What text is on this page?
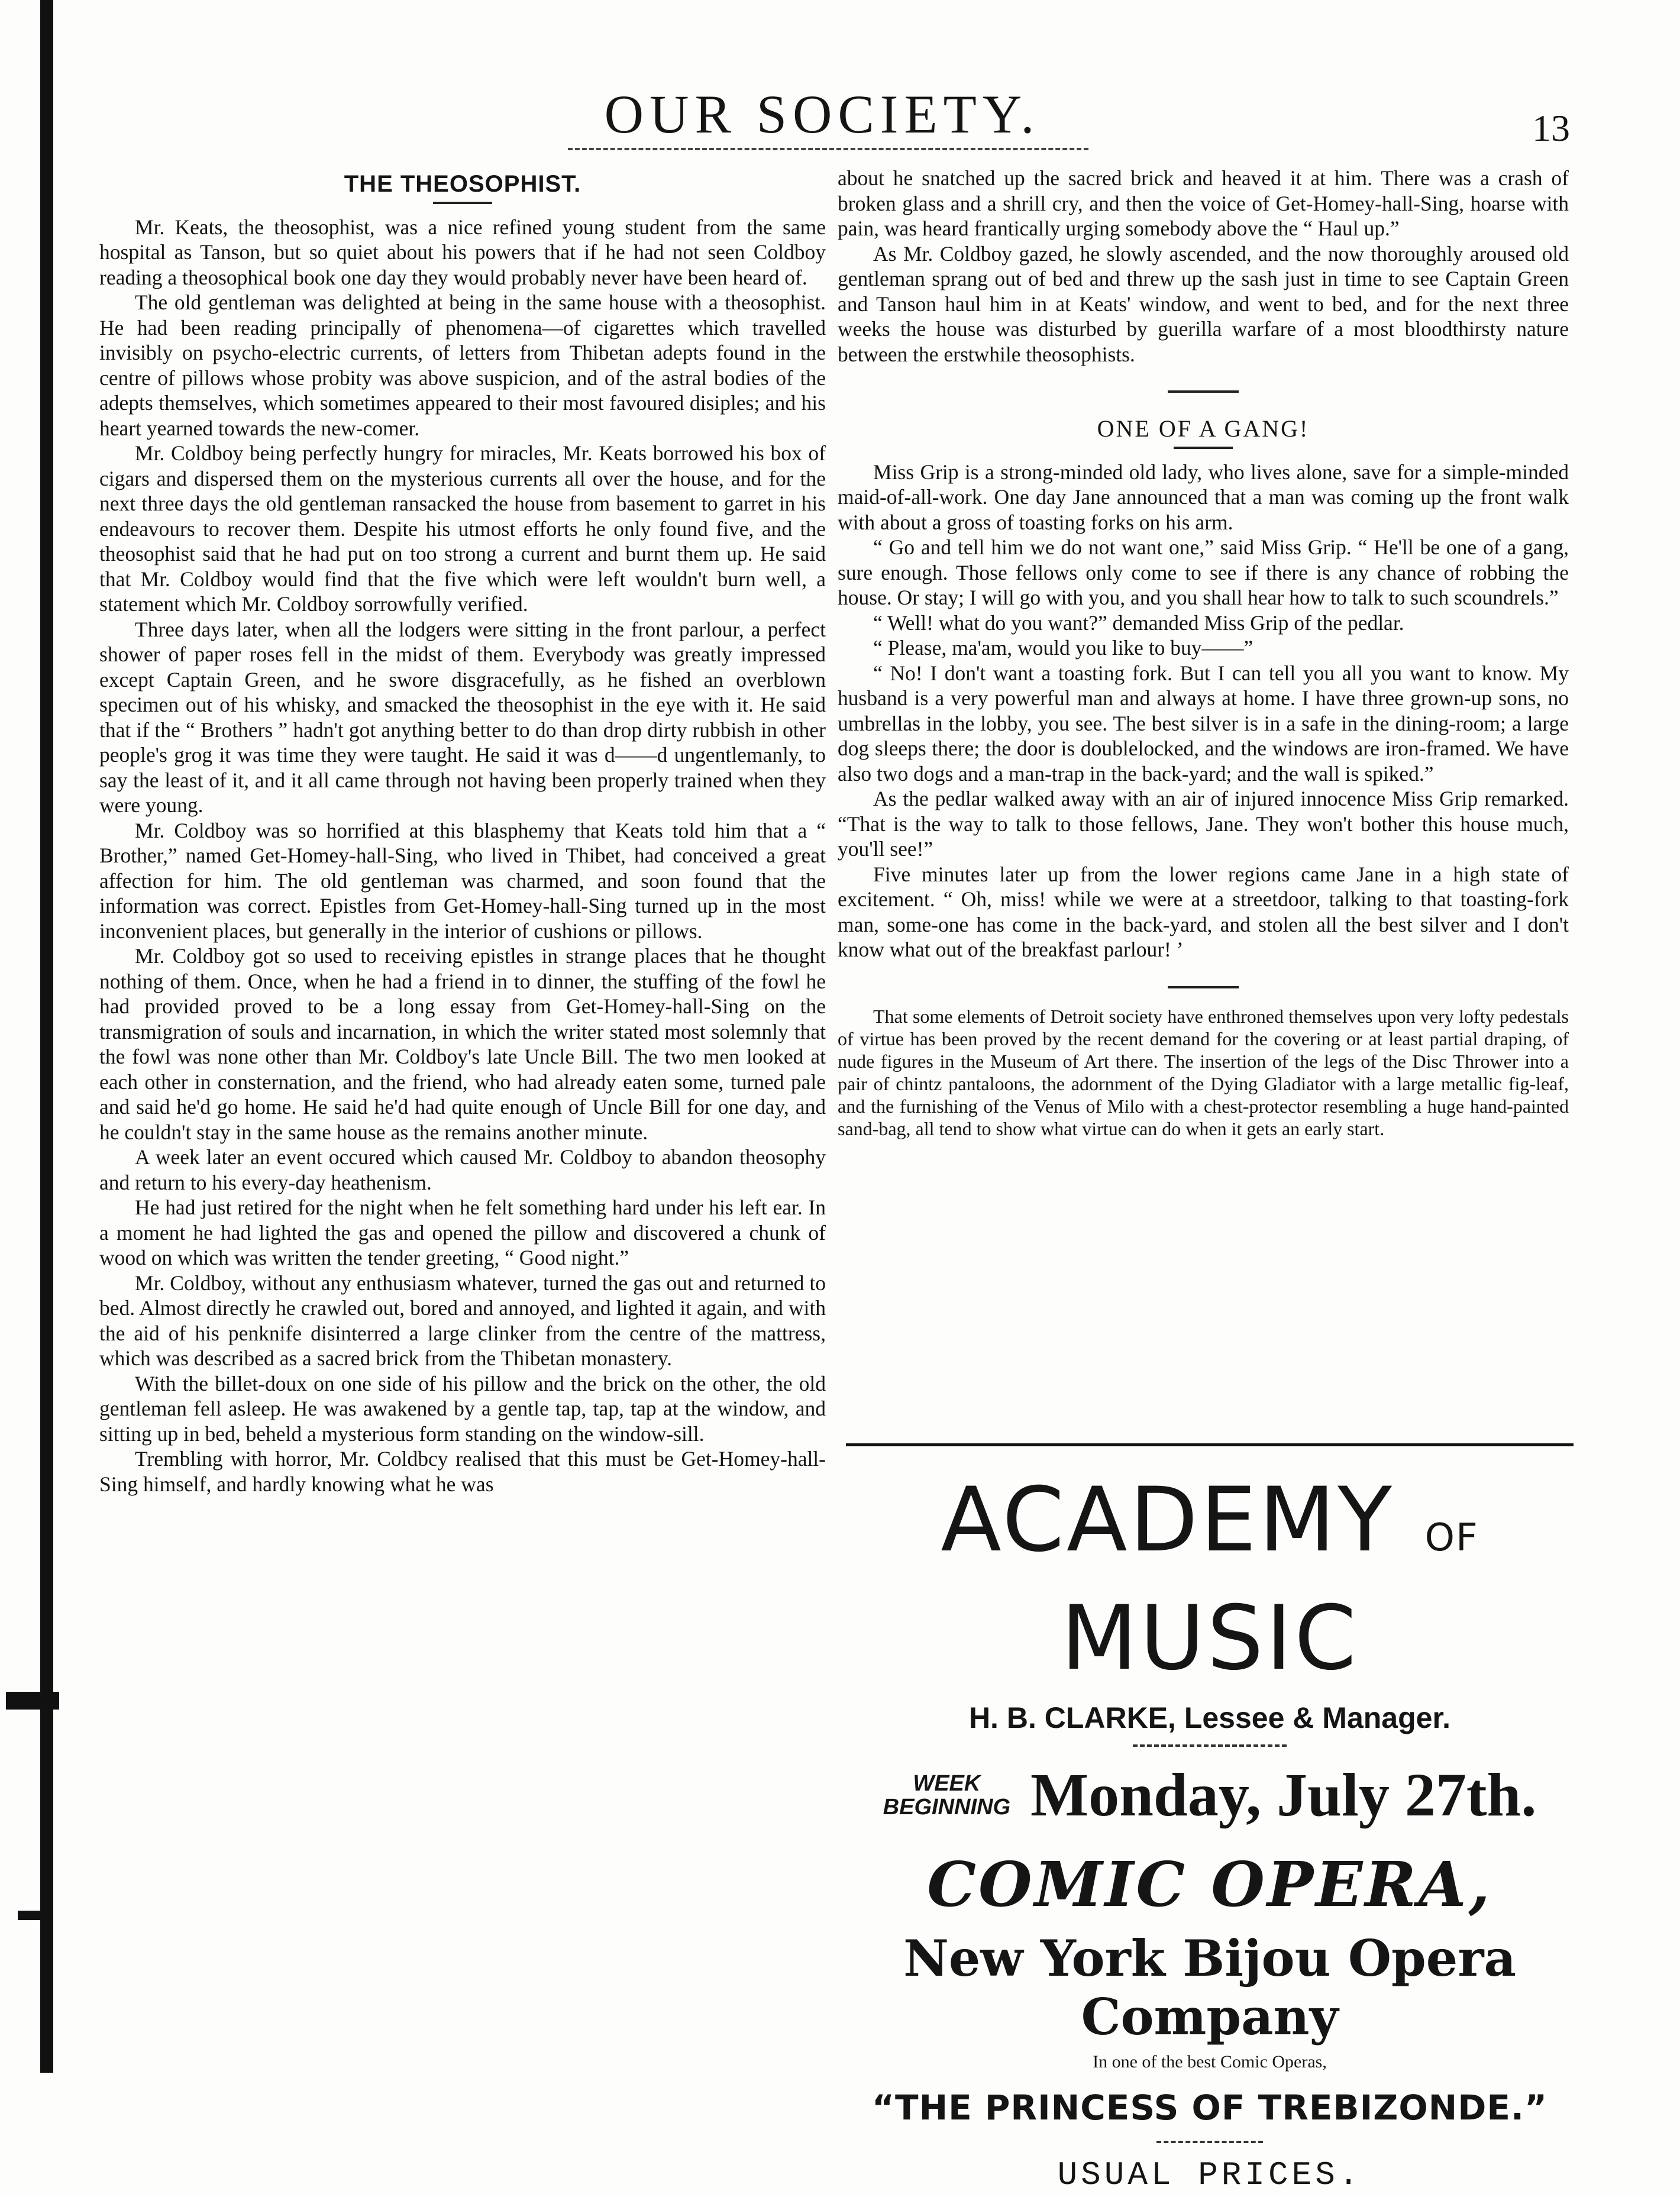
OUR SOCIETY.	13
THE THEOSOPHIST.

Mr. Keats, the theosophist, was a nice refined young student from the same hospital as Tanson, but so quiet about his powers that if he had not seen Coldboy reading a theosophical book one day they would probably never have been heard of.

The old gentleman was delighted at being in the same house with a theosophist. He had been reading principally of phenomena—of cigarettes which travelled invisibly on psycho-electric currents, of letters from Thibetan adepts found in the centre of pillows whose probity was above suspicion, and of the astral bodies of the adepts themselves, which sometimes appeared to their most favoured disiples; and his heart yearned towards the new-comer.

Mr. Coldboy being perfectly hungry for miracles, Mr. Keats borrowed his box of cigars and dispersed them on the mysterious currents all over the house, and for the next three days the old gentleman ransacked the house from basement to garret in his endeavours to recover them. Despite his utmost efforts he only found five, and the theosophist said that he had put on too strong a current and burnt them up. He said that Mr. Coldboy would find that the five which were left wouldn't burn well, a statement which Mr. Coldboy sorrowfully verified.

Three days later, when all the lodgers were sitting in the front parlour, a perfect shower of paper roses fell in the midst of them. Everybody was greatly impressed except Captain Green, and he swore disgracefully, as he fished an overblown specimen out of his whisky, and smacked the theosophist in the eye with it. He said that if the “ Brothers ” hadn't got anything better to do than drop dirty rubbish in other people's grog it was time they were taught. He said it was d——d ungentlemanly, to say the least of it, and it all came through not having been properly trained when they were young.

Mr. Coldboy was so horrified at this blasphemy that Keats told him that a “ Brother,” named Get-Homey-hall-Sing, who lived in Thibet, had conceived a great affection for him. The old gentleman was charmed, and soon found that the information was correct. Epistles from Get-Homey-hall-Sing turned up in the most inconvenient places, but generally in the interior of cushions or pillows.

Mr. Coldboy got so used to receiving epistles in strange places that he thought nothing of them. Once, when he had a friend in to dinner, the stuffing of the fowl he had provided proved to be a long essay from Get-Homey-hall-Sing on the transmigration of souls and incarnation, in which the writer stated most solemnly that the fowl was none other than Mr. Coldboy's late Uncle Bill. The two men looked at each other in consternation, and the friend, who had already eaten some, turned pale and said he'd go home. He said he'd had quite enough of Uncle Bill for one day, and he couldn't stay in the same house as the remains another minute.

A week later an event occured which caused Mr. Coldboy to abandon theosophy and return to his every-day heathenism.

He had just retired for the night when he felt something hard under his left ear. In a moment he had lighted the gas and opened the pillow and discovered a chunk of wood on which was written the tender greeting, “ Good night.”

Mr. Coldboy, without any enthusiasm whatever, turned the gas out and returned to bed. Almost directly he crawled out, bored and annoyed, and lighted it again, and with the aid of his penknife disinterred a large clinker from the centre of the mattress, which was described as a sacred brick from the Thibetan monastery.

With the billet-doux on one side of his pillow and the brick on the other, the old gentleman fell asleep. He was awakened by a gentle tap, tap, tap at the window, and sitting up in bed, beheld a mysterious form standing on the window-sill.

Trembling with horror, Mr. Coldbcy realised that this must be Get-Homey-hall-Sing himself, and hardly knowing what he was

about he snatched up the sacred brick and heaved it at him. There was a crash of broken glass and a shrill cry, and then the voice of Get-Homey-hall-Sing, hoarse with pain, was heard frantically urging somebody above the “ Haul up.”

As Mr. Coldboy gazed, he slowly ascended, and the now thoroughly aroused old gentleman sprang out of bed and threw up the sash just in time to see Captain Green and Tanson haul him in at Keats' window, and went to bed, and for the next three weeks the house was disturbed by guerilla warfare of a most bloodthirsty nature between the erstwhile theosophists.

ONE OF A GANG!

Miss Grip is a strong-minded old lady, who lives alone, save for a simple-minded maid-of-all-work. One day Jane announced that a man was coming up the front walk with about a gross of toasting forks on his arm.

“ Go and tell him we do not want one,” said Miss Grip. “ He'll be one of a gang, sure enough. Those fellows only come to see if there is any chance of robbing the house. Or stay; I will go with you, and you shall hear how to talk to such scoundrels.”

“ Well! what do you want?” demanded Miss Grip of the pedlar.

“ Please, ma'am, would you like to buy——”

“ No! I don't want a toasting fork. But I can tell you all you want to know. My husband is a very powerful man and always at home. I have three grown-up sons, no umbrellas in the lobby, you see. The best silver is in a safe in the dining-room; a large dog sleeps there; the door is doublelocked, and the windows are iron-framed. We have also two dogs and a man-trap in the back-yard; and the wall is spiked.”

As the pedlar walked away with an air of injured innocence Miss Grip remarked. “That is the way to talk to those fellows, Jane. They won't bother this house much, you'll see!”

Five minutes later up from the lower regions came Jane in a high state of excitement. “ Oh, miss! while we were at a streetdoor, talking to that toasting-fork man, some-one has come in the back-yard, and stolen all the best silver and I don't know what out of the breakfast parlour! ’

That some elements of Detroit society have enthroned themselves upon very lofty pedestals of virtue has been proved by the recent demand for the covering or at least partial draping, of nude figures in the Museum of Art there. The insertion of the legs of the Disc Thrower into a pair of chintz pantaloons, the adornment of the Dying Gladiator with a large metallic fig-leaf, and the furnishing of the Venus of Milo with a chest-protector resembling a huge hand-painted sand-bag, all tend to show what virtue can do when it gets an early start.

ACADEMY OF MUSIC
H. B. CLARKE, Lessee & Manager.
WEEK
BEGINNING Monday, July 27th.
COMIC OPERA,
New York Bijou Opera Company
In one of the best Comic Operas,
“THE PRINCESS OF TREBIZONDE.”
USUAL PRICES.
